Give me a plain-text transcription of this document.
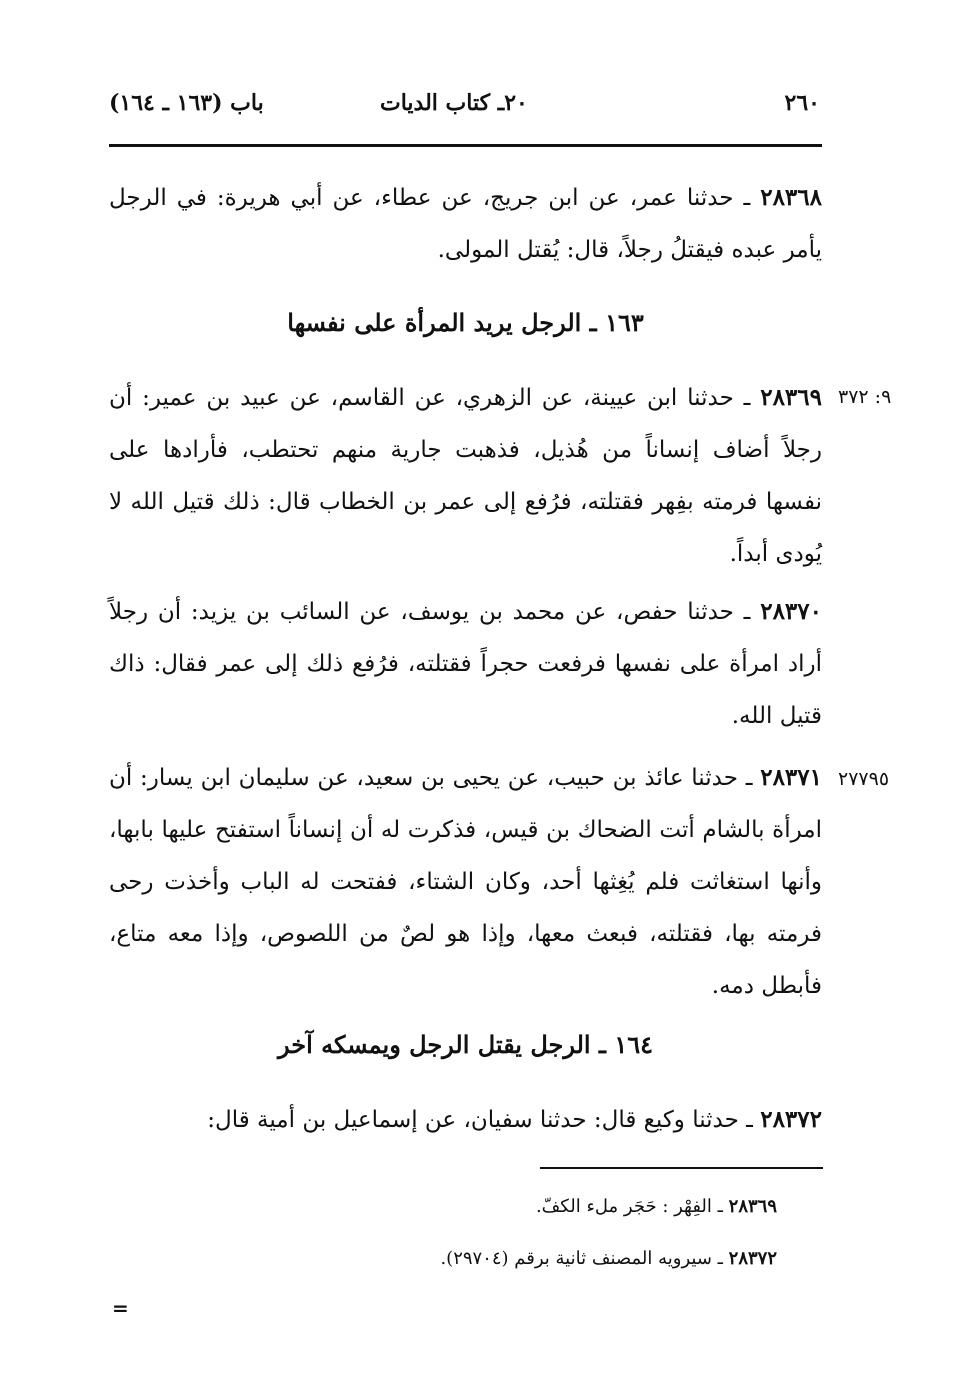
٢٦٠
٢٠ـ كتاب الديات
باب (١٦٣ ـ ١٦٤)
٢٨٣٦٨ ـ حدثنا عمر، عن ابن جريج، عن عطاء، عن أبي هريرة: في الرجل يأمر عبده فيقتلُ رجلاً، قال: يُقتل المولى.
١٦٣ ـ الرجل يريد المرأة على نفسها
٩: ٣٧٢
٢٨٣٦٩ ـ حدثنا ابن عيينة، عن الزهري، عن القاسم، عن عبيد بن عمير: أن رجلاً أضاف إنساناً من هُذيل، فذهبت جارية منهم تحتطب، فأرادها على نفسها فرمته بفِهر فقتلته، فرُفع إلى عمر بن الخطاب قال: ذلك قتيل الله لا يُودى أبداً.
٢٨٣٧٠ ـ حدثنا حفص، عن محمد بن يوسف، عن السائب بن يزيد: أن رجلاً أراد امرأة على نفسها فرفعت حجراً فقتلته، فرُفع ذلك إلى عمر فقال: ذاك قتيل الله.
٢٧٧٩٥
٢٨٣٧١ ـ حدثنا عائذ بن حبيب، عن يحيى بن سعيد، عن سليمان ابن يسار: أن امرأة بالشام أتت الضحاك بن قيس، فذكرت له أن إنساناً استفتح عليها بابها، وأنها استغاثت فلم يُغِثها أحد، وكان الشتاء، ففتحت له الباب وأخذت رحى فرمته بها، فقتلته، فبعث معها، وإذا هو لصٌ من اللصوص، وإذا معه متاع، فأبطل دمه.
١٦٤ ـ الرجل يقتل الرجل ويمسكه آخر
٢٨٣٧٢ ـ حدثنا وكيع قال: حدثنا سفيان، عن إسماعيل بن أمية قال:
٢٨٣٦٩ ـ الفِهْر : حَجَر ملء الكفّ.
٢٨٣٧٢ ـ سيرويه المصنف ثانية برقم (٢٩٧٠٤).
=
